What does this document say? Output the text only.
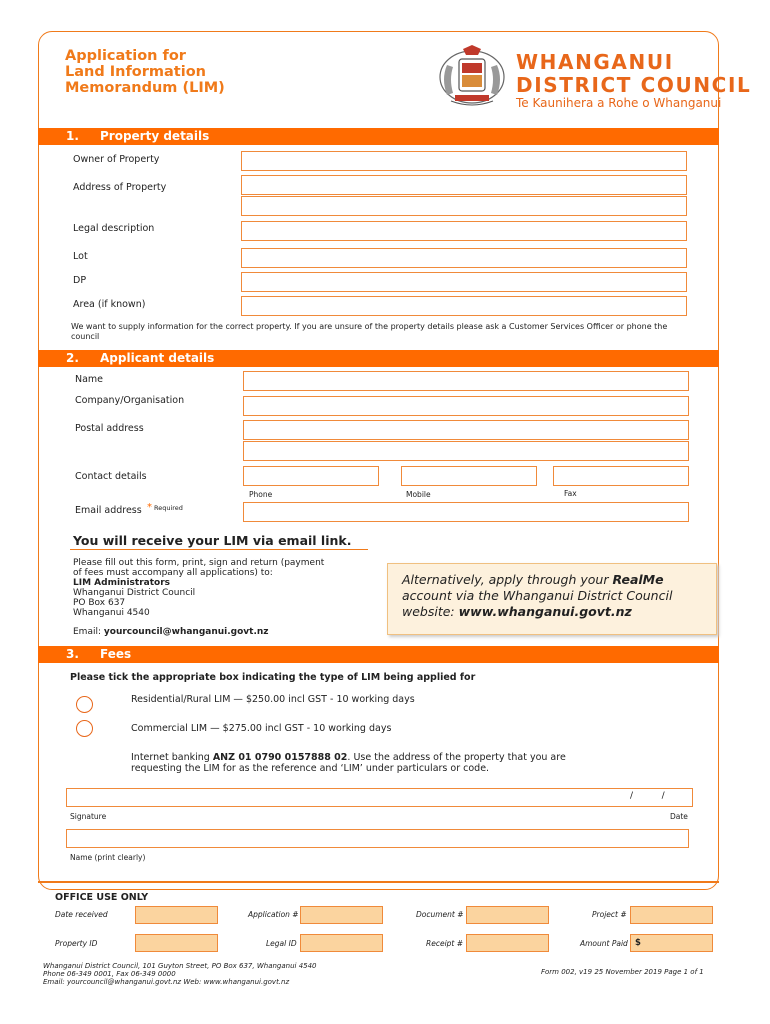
Application for
Land Information
Memorandum (LIM)
WHANGANUI
DISTRICT COUNCIL
Te Kaunihera a Rohe o Whanganui
1. Property details
Owner of Property
Address of Property
Legal description
Lot
DP
Area (if known)
We want to supply information for the correct property. If you are unsure of the property details please ask a Customer Services Officer or phone the council
2. Applicant details
Name
Company/Organisation
Postal address
Contact details
Phone	Mobile	Fax
Email address * Required
You will receive your LIM via email link.
Please fill out this form, print, sign and return (payment
of fees must accompany all applications) to:
LIM Administrators
Whanganui District Council
PO Box 637
Whanganui 4540
Email: yourcouncil@whanganui.govt.nz
Alternatively, apply through your RealMe
account via the Whanganui District Council
website: www.whanganui.govt.nz
3. Fees
Please tick the appropriate box indicating the type of LIM being applied for
Residential/Rural LIM — $250.00 incl GST - 10 working days
Commercial LIM — $275.00 incl GST - 10 working days
Internet banking ANZ 01 0790 0157888 02. Use the address of the property that you are
requesting the LIM for as the reference and ‘LIM’ under particulars or code.
/          /
Signature	Date
Name (print clearly)
OFFICE USE ONLY
Date received	Application #	Document #	Project #
Property ID	Legal ID	Receipt #	Amount Paid $
Whanganui District Council, 101 Guyton Street, PO Box 637, Whanganui 4540
Phone 06-349 0001, Fax 06-349 0000
Email: yourcouncil@whanganui.govt.nz Web: www.whanganui.govt.nz
Form 002, v19 25 November 2019 Page 1 of 1
